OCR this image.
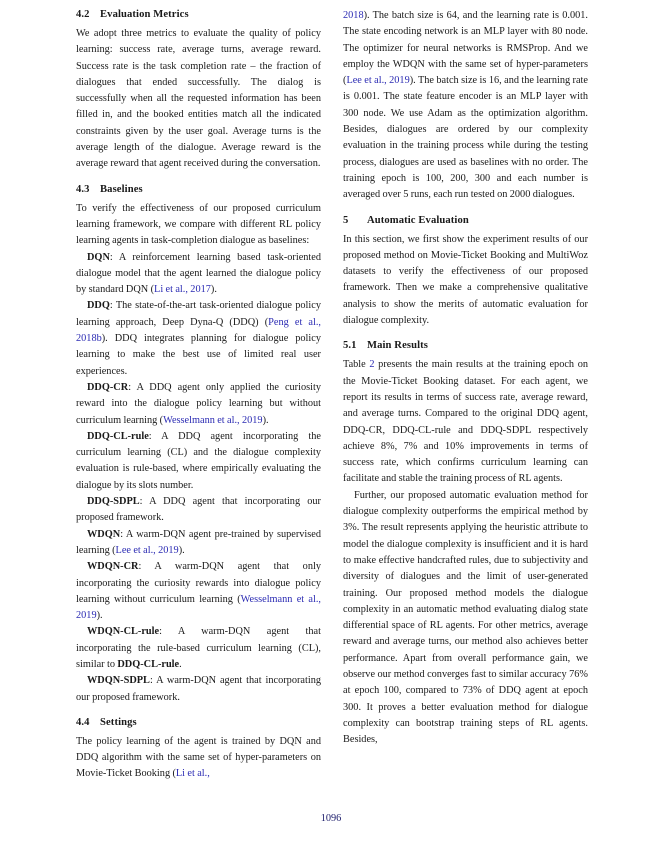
4.2 Evaluation Metrics

We adopt three metrics to evaluate the quality of policy learning: success rate, average turns, average reward. Success rate is the task completion rate – the fraction of dialogues that ended successfully. The dialog is successfully when all the requested information has been filled in, and the booked entities match all the indicated constraints given by the user goal. Average turns is the average length of the dialogue. Average reward is the average reward that agent received during the conversation.

4.3 Baselines

To verify the effectiveness of our proposed curriculum learning framework, we compare with different RL policy learning agents in task-completion dialogue as baselines:

DQN: A reinforcement learning based task-oriented dialogue model that the agent learned the dialogue policy by standard DQN (Li et al., 2017).

DDQ: The state-of-the-art task-oriented dialogue policy learning approach, Deep Dyna-Q (DDQ) (Peng et al., 2018b). DDQ integrates planning for dialogue policy learning to make the best use of limited real user experiences.

DDQ-CR: A DDQ agent only applied the curiosity reward into the dialogue policy learning but without curriculum learning (Wesselmann et al., 2019).

DDQ-CL-rule: A DDQ agent incorporating the curriculum learning (CL) and the dialogue complexity evaluation is rule-based, where empirically evaluating the dialogue by its slots number.

DDQ-SDPL: A DDQ agent that incorporating our proposed framework.

WDQN: A warm-DQN agent pre-trained by supervised learning (Lee et al., 2019).

WDQN-CR: A warm-DQN agent that only incorporating the curiosity rewards into dialogue policy learning without curriculum learning (Wesselmann et al., 2019).

WDQN-CL-rule: A warm-DQN agent that incorporating the rule-based curriculum learning (CL), similar to DDQ-CL-rule.

WDQN-SDPL: A warm-DQN agent that incorporating our proposed framework.

4.4 Settings

The policy learning of the agent is trained by DQN and DDQ algorithm with the same set of hyper-parameters on Movie-Ticket Booking (Li et al.,

2018). The batch size is 64, and the learning rate is 0.001. The state encoding network is an MLP layer with 80 node. The optimizer for neural networks is RMSProp. And we employ the WDQN with the same set of hyper-parameters (Lee et al., 2019). The batch size is 16, and the learning rate is 0.001. The state feature encoder is an MLP layer with 300 node. We use Adam as the optimization algorithm. Besides, dialogues are ordered by our complexity evaluation in the training process while during the testing process, dialogues are used as baselines with no order. The training epoch is 100, 200, 300 and each number is averaged over 5 runs, each run tested on 2000 dialogues.

5 Automatic Evaluation

In this section, we first show the experiment results of our proposed method on Movie-Ticket Booking and MultiWoz datasets to verify the effectiveness of our proposed framework. Then we make a comprehensive qualitative analysis to show the merits of automatic evaluation for dialogue complexity.

5.1 Main Results

Table 2 presents the main results at the training epoch on the Movie-Ticket Booking dataset. For each agent, we report its results in terms of success rate, average reward, and average turns. Compared to the original DDQ agent, DDQ-CR, DDQ-CL-rule and DDQ-SDPL respectively achieve 8%, 7% and 10% improvements in terms of success rate, which confirms curriculum learning can facilitate and stable the training process of RL agents.

Further, our proposed automatic evaluation method for dialogue complexity outperforms the empirical method by 3%. The result represents applying the heuristic attribute to model the dialogue complexity is insufficient and it is hard to make effective handcrafted rules, due to subjectivity and diversity of dialogues and the limit of user-generated training. Our proposed method models the dialogue complexity in an automatic method evaluating dialog state differential space of RL agents. For other metrics, average reward and average turns, our method also achieves better performance. Apart from overall performance gain, we observe our method converges fast to similar accuracy 76% at epoch 100, compared to 73% of DDQ agent at epoch 300. It proves a better evaluation method for dialogue complexity can bootstrap training steps of RL agents. Besides,

1096
